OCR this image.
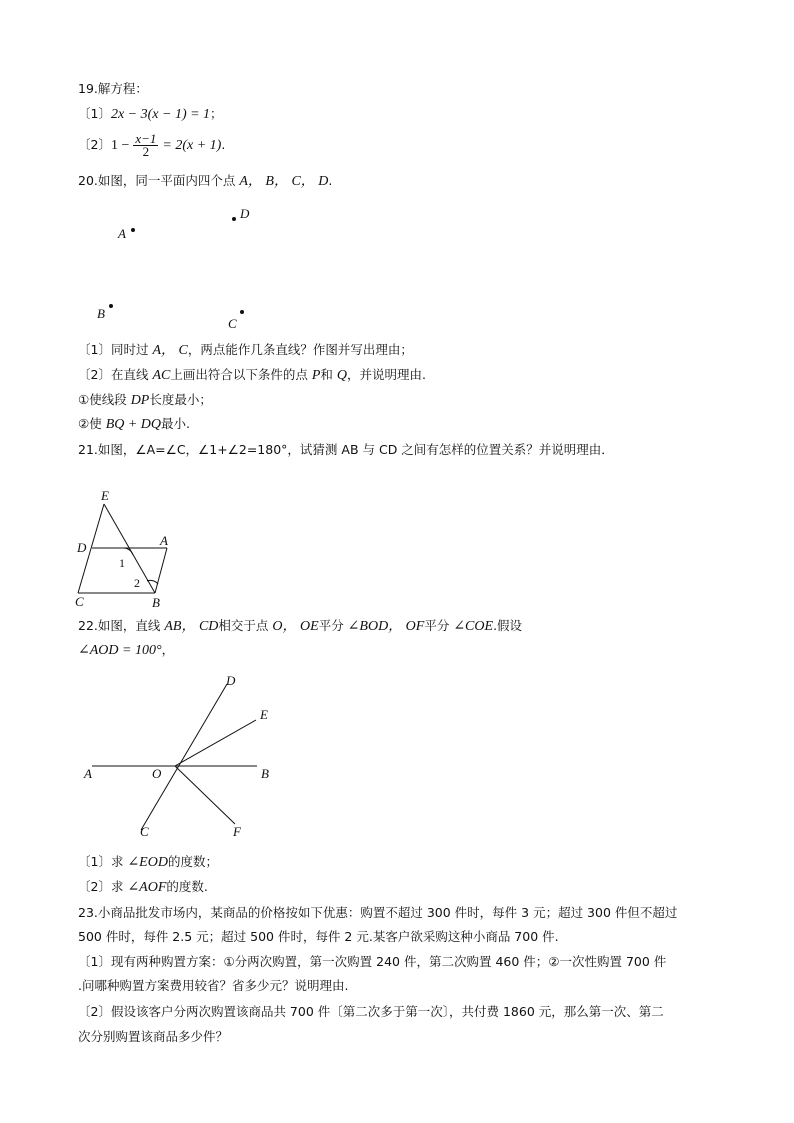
19.解方程：
〔1〕2x − 3(x − 1) = 1；
〔2〕$1 - \frac{x-1}{2} = 2(x + 1)$.
20.如图，同一平面内四个点 A， B， C， D.
A
D
B
C
〔1〕同时过 A， C，两点能作几条直线？作图并写出理由；
〔2〕在直线 AC上画出符合以下条件的点 P和 Q，并说明理由.
①使线段 DP长度最小；
②使 BQ + DQ最小.
21.如图，∠A=∠C，∠1+∠2=180°，试猜测 AB 与 CD 之间有怎样的位置关系？并说明理由．
E
D	A
C	B
1
2
22.如图，直线 AB， CD相交于点 O， OE平分 ∠BOD， OF平分 ∠COE.假设
∠AOD = 100°，
D
E
A	O	B
C	F
〔1〕求 ∠EOD的度数；
〔2〕求 ∠AOF的度数.
23.小商品批发市场内，某商品的价格按如下优惠：购置不超过 300 件时，每件 3 元；超过 300 件但不超过
500 件时，每件 2.5 元；超过 500 件时，每件 2 元.某客户欲采购这种小商品 700 件.
〔1〕现有两种购置方案：①分两次购置，第一次购置 240 件，第二次购置 460 件；②一次性购置 700 件
.问哪种购置方案费用较省？省多少元？说明理由.
〔2〕假设该客户分两次购置该商品共 700 件〔第二次多于第一次〕，共付费 1860 元，那么第一次、第二
次分别购置该商品多少件？
